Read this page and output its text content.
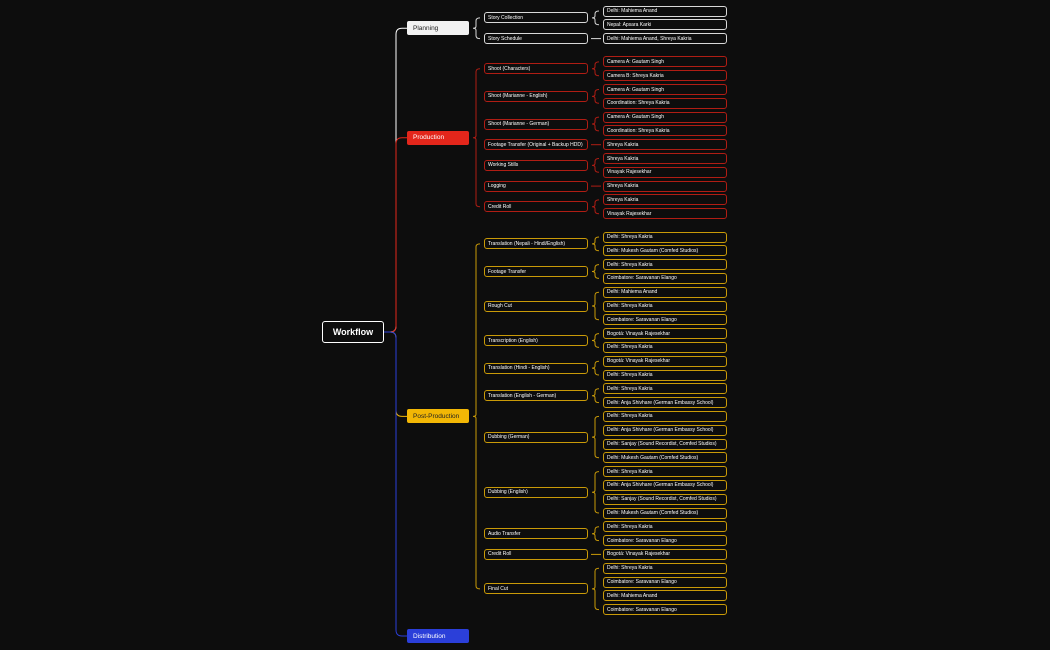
Workflow
Delhi: Mahiema Anand
Nepal: Apsara Karki
Story Collection
Delhi: Mahiema Anand, Shreya Kakria
Story Schedule
Planning
Camera A: Gautam Singh
Camera B: Shreya Kakria
Shoot (Characters)
Camera A: Gautam Singh
Coordination: Shreya Kakria
Shoot (Marianne - English)
Camera A: Gautam Singh
Coordination: Shreya Kakria
Shoot (Marianne - German)
Shreya Kakria
Footage Transfer (Original + Backup HDD)
Shreya Kakria
Vinayak Rajesekhar
Working Stills
Shreya Kakria
Logging
Shreya Kakria
Vinayak Rajesekhar
Credit Roll
Production
Delhi: Shreya Kakria
Delhi: Mukesh Gautam (Comfed Studios)
Translation (Nepali - Hindi/English)
Delhi: Shreya Kakria
Coimbatore: Saravanan Elango
Footage Transfer
Delhi: Mahiema Anand
Delhi: Shreya Kakria
Coimbatore: Saravanan Elango
Rough Cut
Bogotá: Vinayak Rajesekhar
Delhi: Shreya Kakria
Transcription (English)
Bogotá: Vinayak Rajesekhar
Delhi: Shreya Kakria
Translation (Hindi - English)
Delhi: Shreya Kakria
Delhi: Anja Shivhare (German Embassy School)
Translation (English - German)
Delhi: Shreya Kakria
Delhi: Anja Shivhare (German Embassy School)
Delhi: Sanjay (Sound Recordist, Comfed Studios)
Delhi: Mukesh Gautam (Comfed Studios)
Dubbing (German)
Delhi: Shreya Kakria
Delhi: Anja Shivhare (German Embassy School)
Delhi: Sanjay (Sound Recordist, Comfed Studios)
Delhi: Mukesh Gautam (Comfed Studios)
Dubbing (English)
Delhi: Shreya Kakria
Coimbatore: Saravanan Elango
Audio Transfer
Bogotá: Vinayak Rajesekhar
Credit Roll
Delhi: Shreya Kakria
Coimbatore: Saravanan Elango
Delhi: Mahiema Anand
Coimbatore: Saravanan Elango
Final Cut
Post-Production
Distribution
